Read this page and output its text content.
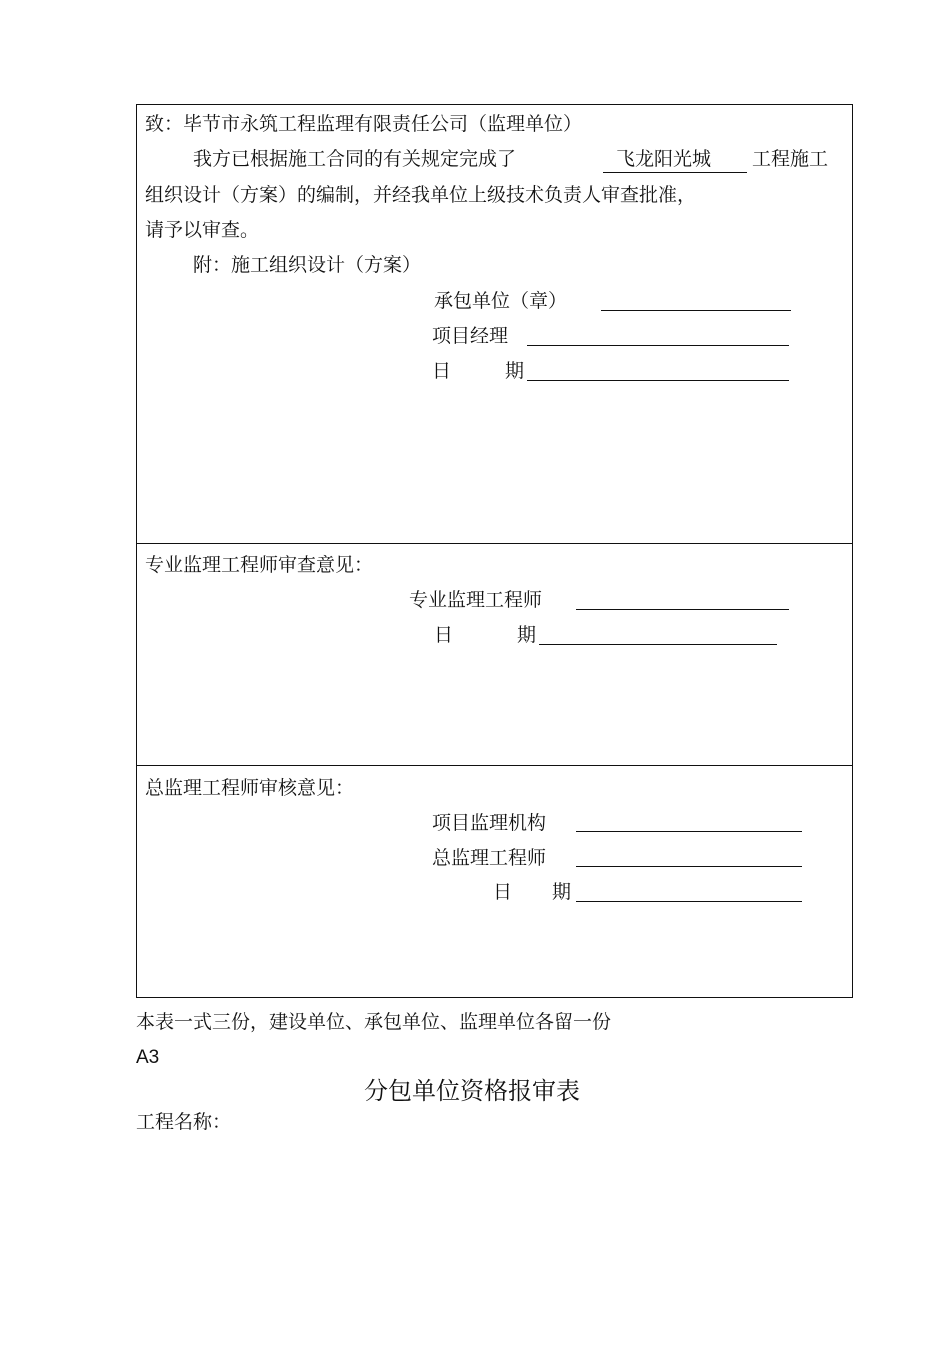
致：毕节市永筑工程监理有限责任公司（监理单位）
我方已根据施工合同的有关规定完成了	飞龙阳光城 工程施工
组织设计（方案）的编制，并经我单位上级技术负责人审查批准，
请予以审查。
附：施工组织设计（方案）
承包单位（章）
项目经理
日	期
专业监理工程师审查意见：
专业监理工程师
日	期
总监理工程师审核意见：
项目监理机构
总监理工程师
日 期
本表一式三份，建设单位、承包单位、监理单位各留一份
A3
分包单位资格报审表
工程名称：
